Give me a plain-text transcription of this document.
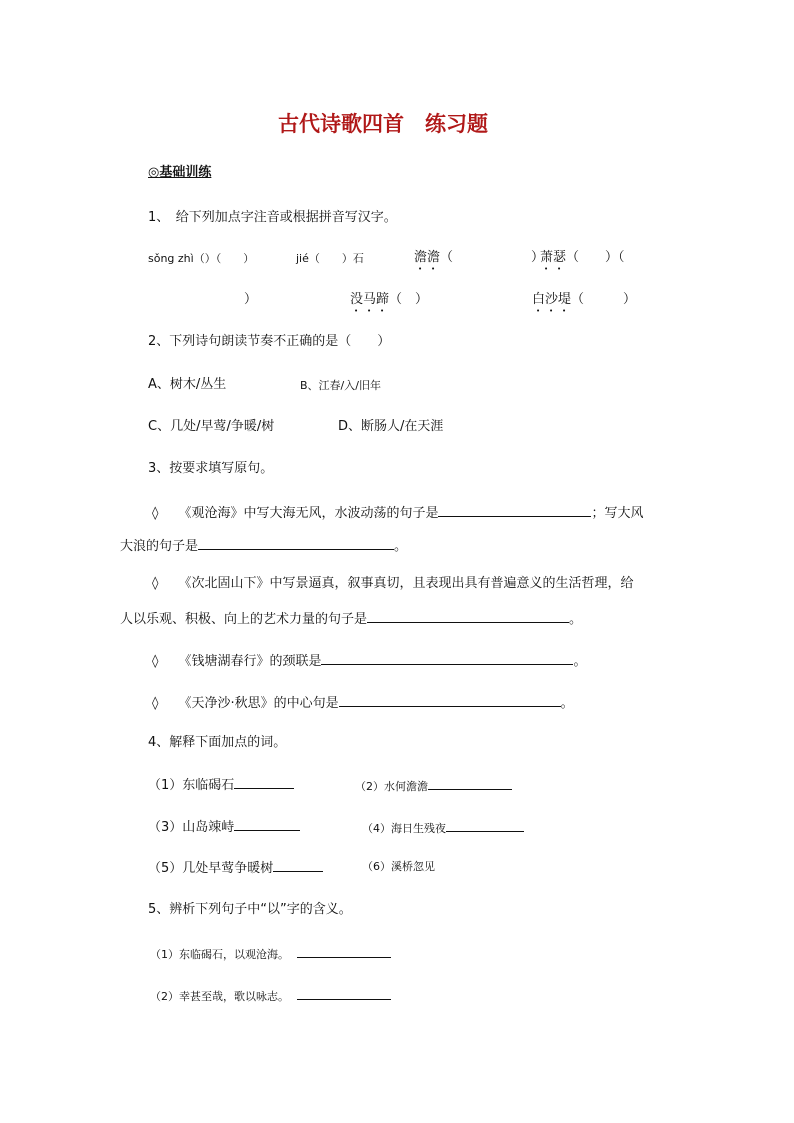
古代诗歌四首　练习题
◎基础训练
1、　给下列加点字注音或根据拼音写汉字。
sǒng zhì（）（　　）	jié（　　）石	澹澹（　　　　　　）
萧瑟（　　）（
）	没马蹄（　）	白沙堤（　　　）
2、下列诗句朗读节奏不正确的是（　　）
A、树木/丛生	B、江春/入/旧年
C、几处/早莺/争暖/树	D、断肠人/在天涯
3、按要求填写原句。
◊ 《观沧海》中写大海无风，水波动荡的句子是	；写大风
大浪的句子是	。
◊ 《次北固山下》中写景逼真，叙事真切，且表现出具有普遍意义的生活哲理，给
人以乐观、积极、向上的艺术力量的句子是	。
◊ 《钱塘湖春行》的颈联是	。
◊ 《天净沙·秋思》的中心句是	。
4、解释下面加点的词。
（1）东临碣石	（2）水何澹澹
（3）山岛竦峙	（4）海日生残夜
（5）几处早莺争暖树	（6）溪桥忽见
5、辨析下列句子中“以”字的含义。
（1）东临碣石，以观沧海。
（2）幸甚至哉，歌以咏志。
